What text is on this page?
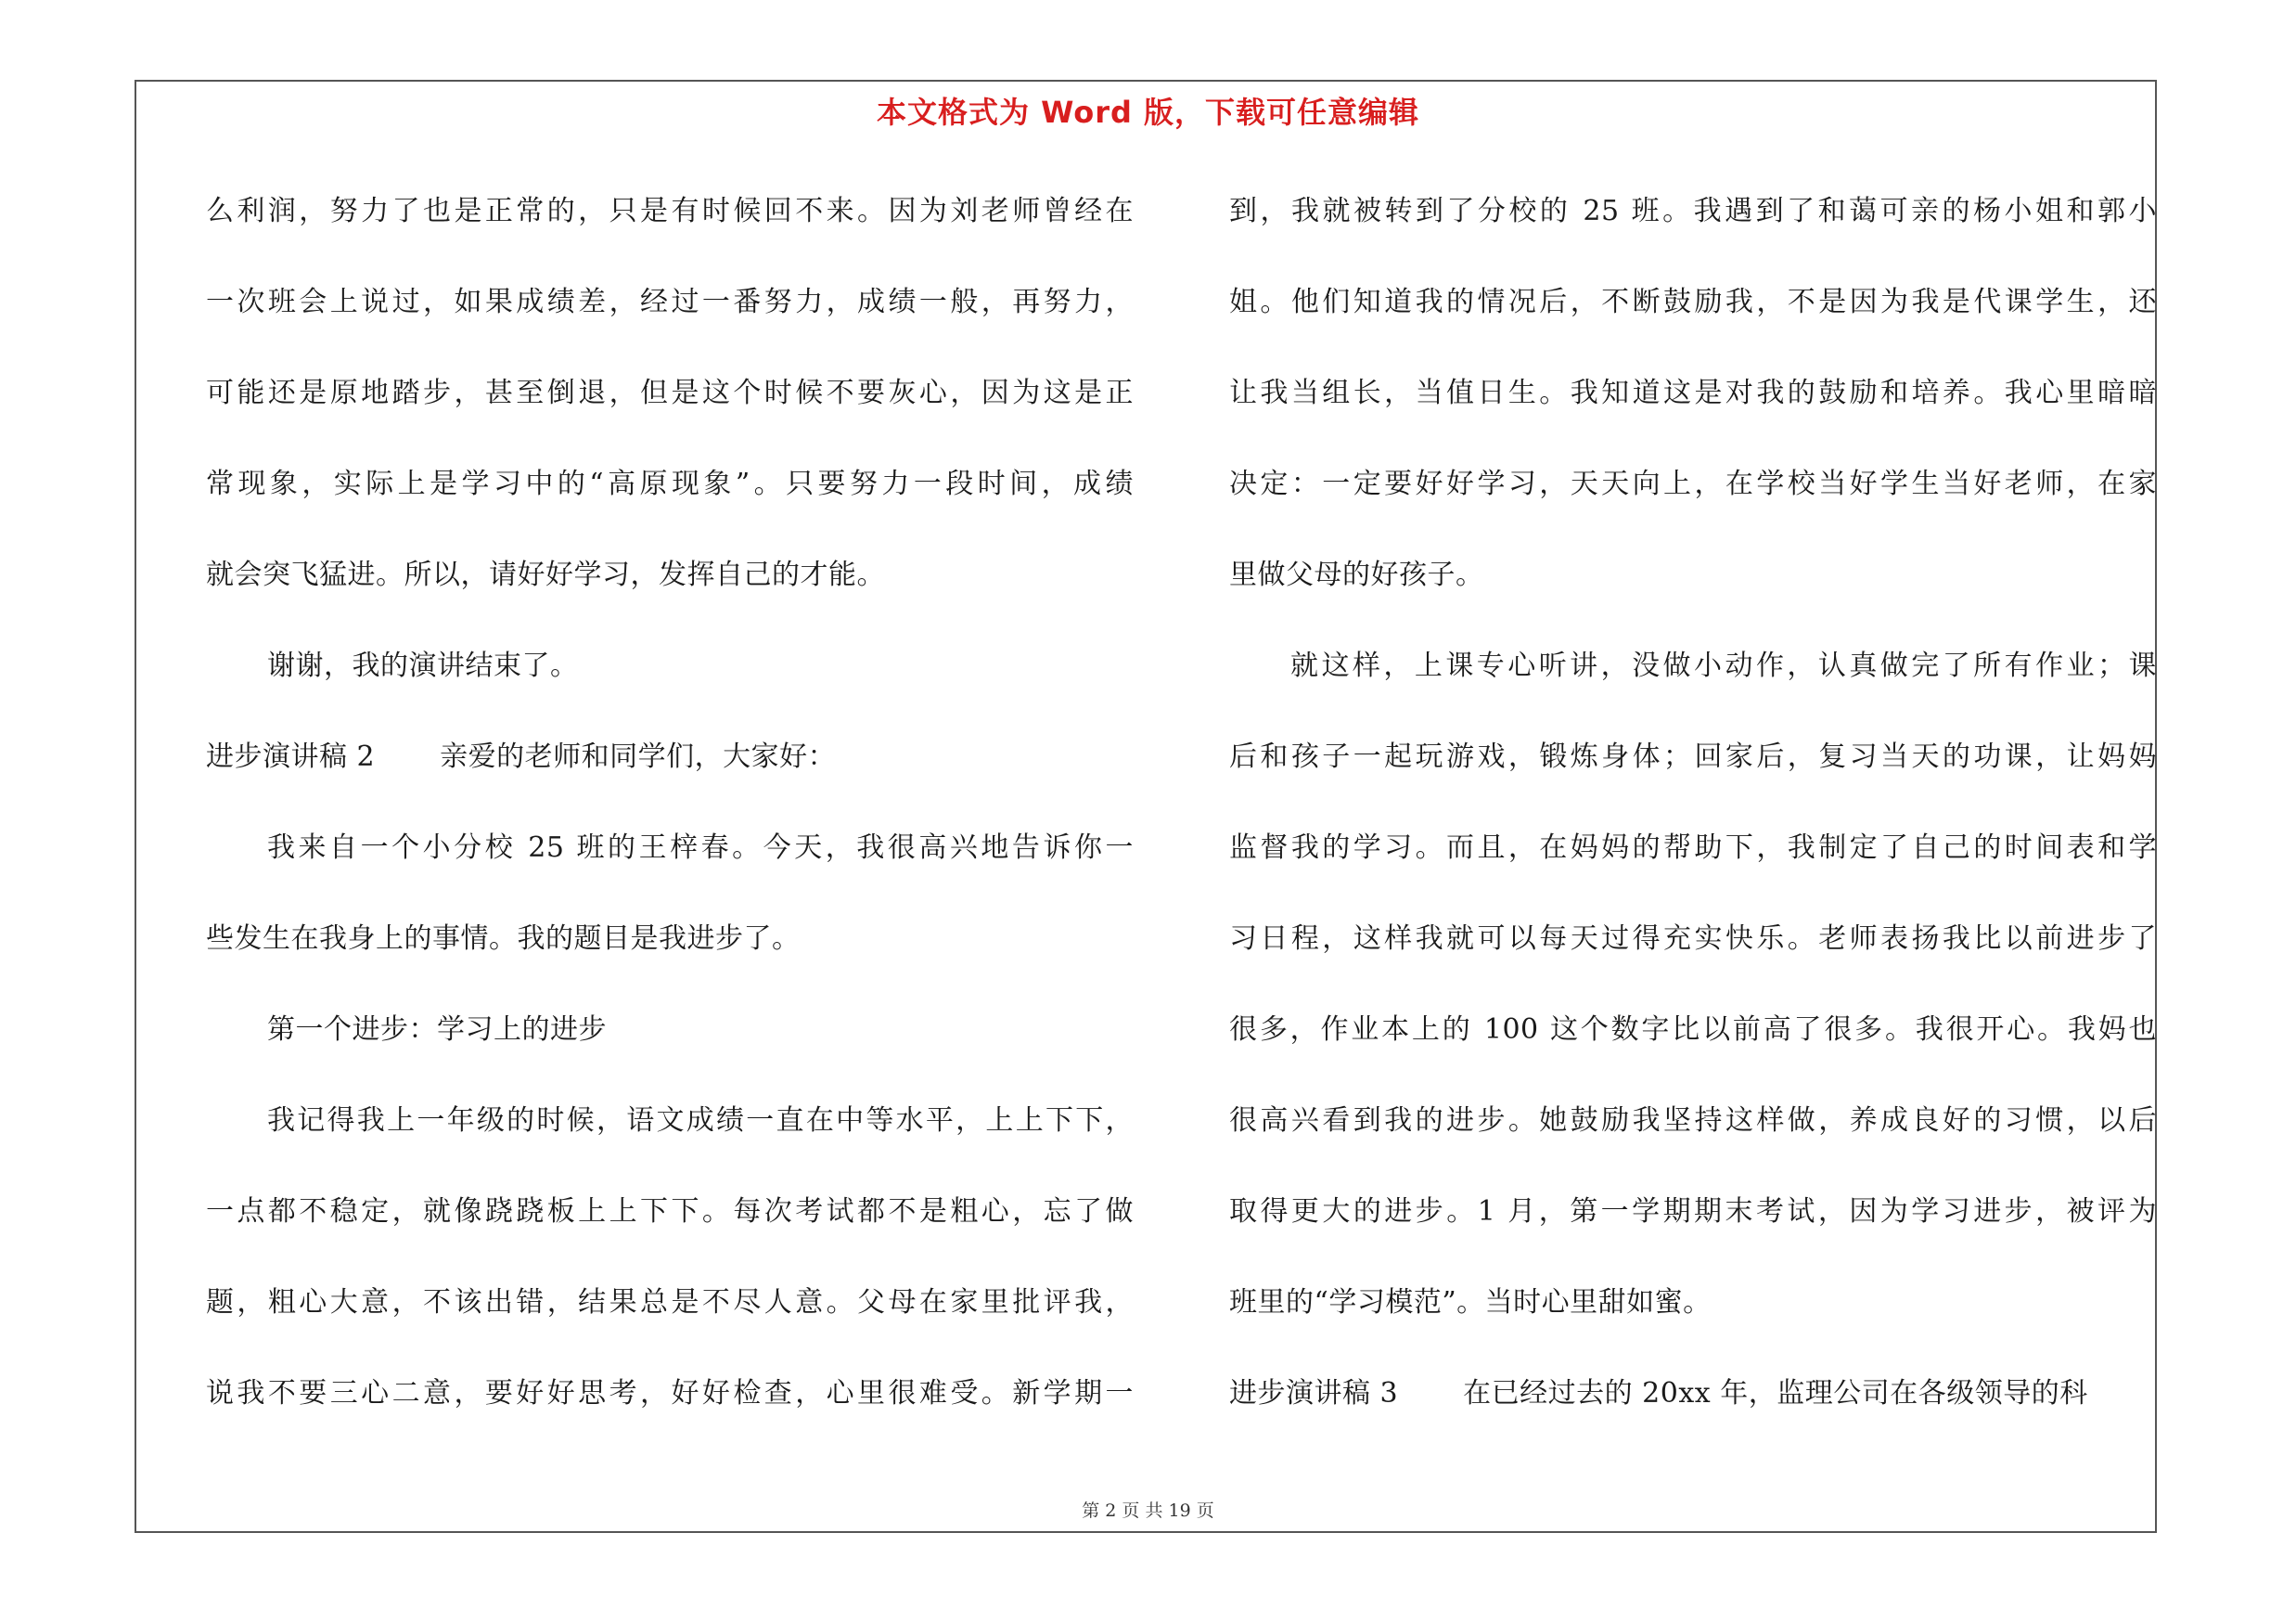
本文格式为 Word 版，下载可任意编辑
么利润，努力了也是正常的，只是有时候回不来。因为刘老师曾经在
一次班会上说过，如果成绩差，经过一番努力，成绩一般，再努力，
可能还是原地踏步，甚至倒退，但是这个时候不要灰心，因为这是正
常现象，实际上是学习中的“高原现象”。只要努力一段时间，成绩
就会突飞猛进。所以，请好好学习，发挥自己的才能。
谢谢，我的演讲结束了。
进步演讲稿 2 亲爱的老师和同学们，大家好：
我来自一个小分校 25 班的王梓春。今天，我很高兴地告诉你一
些发生在我身上的事情。我的题目是我进步了。
第一个进步：学习上的进步
我记得我上一年级的时候，语文成绩一直在中等水平，上上下下，
一点都不稳定，就像跷跷板上上下下。每次考试都不是粗心，忘了做
题，粗心大意，不该出错，结果总是不尽人意。父母在家里批评我，
说我不要三心二意，要好好思考，好好检查，心里很难受。新学期一
到，我就被转到了分校的 25 班。我遇到了和蔼可亲的杨小姐和郭小
姐。他们知道我的情况后，不断鼓励我，不是因为我是代课学生，还
让我当组长，当值日生。我知道这是对我的鼓励和培养。我心里暗暗
决定：一定要好好学习，天天向上，在学校当好学生当好老师，在家
里做父母的好孩子。
就这样，上课专心听讲，没做小动作，认真做完了所有作业；课
后和孩子一起玩游戏，锻炼身体；回家后，复习当天的功课，让妈妈
监督我的学习。而且，在妈妈的帮助下，我制定了自己的时间表和学
习日程，这样我就可以每天过得充实快乐。老师表扬我比以前进步了
很多，作业本上的 100 这个数字比以前高了很多。我很开心。我妈也
很高兴看到我的进步。她鼓励我坚持这样做，养成良好的习惯，以后
取得更大的进步。1 月，第一学期期末考试，因为学习进步，被评为
班里的“学习模范”。当时心里甜如蜜。
进步演讲稿 3 在已经过去的 20xx 年，监理公司在各级领导的科
第 2 页 共 19 页
